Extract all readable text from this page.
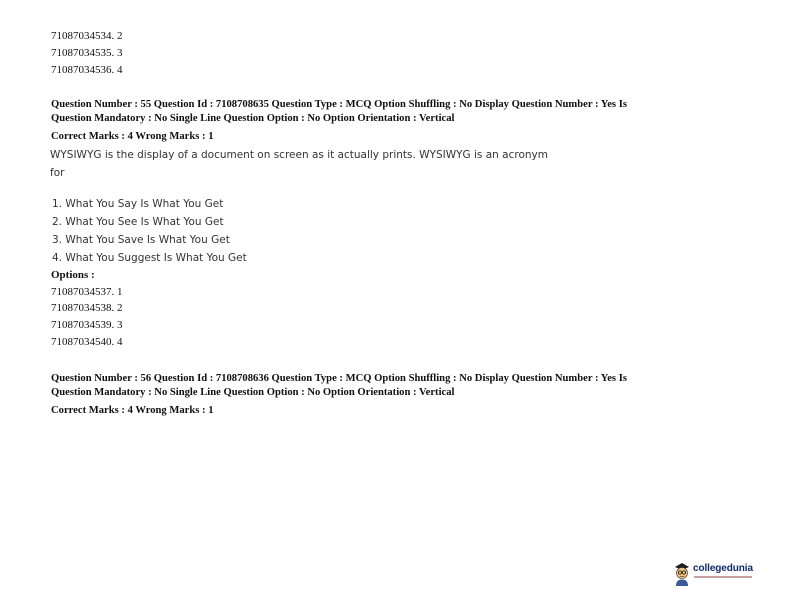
71087034534. 2
71087034535. 3
71087034536. 4
Question Number : 55 Question Id : 7108708635 Question Type : MCQ Option Shuffling : No Display Question Number : Yes Is
Question Mandatory : No Single Line Question Option : No Option Orientation : Vertical
Correct Marks : 4 Wrong Marks : 1
WYSIWYG is the display of a document on screen as it actually prints. WYSIWYG is an acronym
for
1. What You Say Is What You Get
2. What You See Is What You Get
3. What You Save Is What You Get
4. What You Suggest Is What You Get
Options :
71087034537. 1
71087034538. 2
71087034539. 3
71087034540. 4
Question Number : 56 Question Id : 7108708636 Question Type : MCQ Option Shuffling : No Display Question Number : Yes Is
Question Mandatory : No Single Line Question Option : No Option Orientation : Vertical
Correct Marks : 4 Wrong Marks : 1
collegedunia
